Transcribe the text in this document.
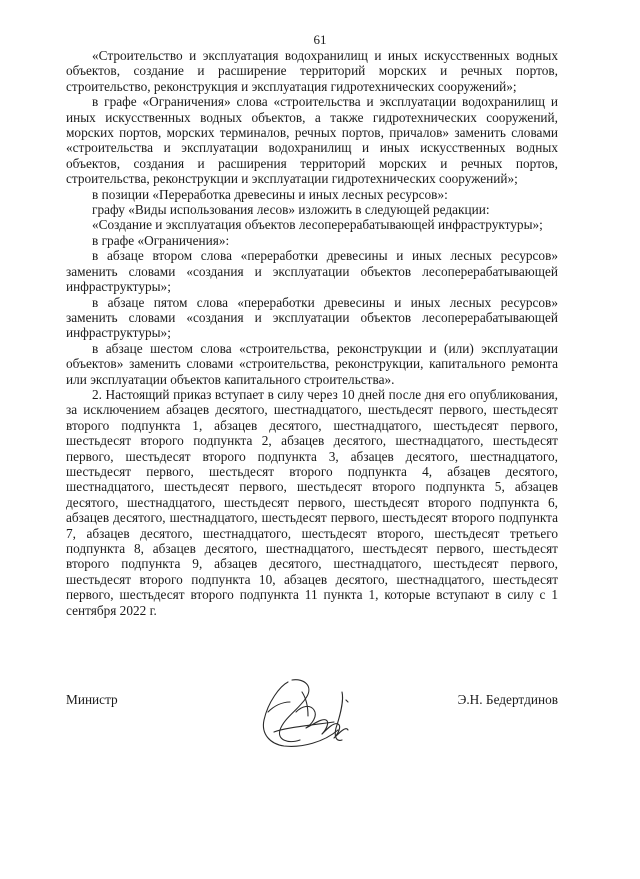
61

«Строительство и эксплуатация водохранилищ и иных искусственных водных объектов, создание и расширение территорий морских и речных портов, строительство, реконструкция и эксплуатация гидротехнических сооружений»;

в графе «Ограничения» слова «строительства и эксплуатации водохранилищ и иных искусственных водных объектов, а также гидротехнических сооружений, морских портов, морских терминалов, речных портов, причалов» заменить словами «строительства и эксплуатации водохранилищ и иных искусственных водных объектов, создания и расширения территорий морских и речных портов, строительства, реконструкции и эксплуатации гидротехнических сооружений»;

в позиции «Переработка древесины и иных лесных ресурсов»:

графу «Виды использования лесов» изложить в следующей редакции:

«Создание и эксплуатация объектов лесоперерабатывающей инфраструктуры»;

в графе «Ограничения»:

в абзаце втором слова «переработки древесины и иных лесных ресурсов» заменить словами «создания и эксплуатации объектов лесоперерабатывающей инфраструктуры»;

в абзаце пятом слова «переработки древесины и иных лесных ресурсов» заменить словами «создания и эксплуатации объектов лесоперерабатывающей инфраструктуры»;

в абзаце шестом слова «строительства, реконструкции и (или) эксплуатации объектов» заменить словами «строительства, реконструкции, капитального ремонта или эксплуатации объектов капитального строительства».

2. Настоящий приказ вступает в силу через 10 дней после дня его опубликования, за исключением абзацев десятого, шестнадцатого, шестьдесят первого, шестьдесят второго подпункта 1, абзацев десятого, шестнадцатого, шестьдесят первого, шестьдесят второго подпункта 2, абзацев десятого, шестнадцатого, шестьдесят первого, шестьдесят второго подпункта 3, абзацев десятого, шестнадцатого, шестьдесят первого, шестьдесят второго подпункта 4, абзацев десятого, шестнадцатого, шестьдесят первого, шестьдесят второго подпункта 5, абзацев десятого, шестнадцатого, шестьдесят первого, шестьдесят второго подпункта 6, абзацев десятого, шестнадцатого, шестьдесят первого, шестьдесят второго подпункта 7, абзацев десятого, шестнадцатого, шестьдесят второго, шестьдесят третьего подпункта 8, абзацев десятого, шестнадцатого, шестьдесят первого, шестьдесят второго подпункта 9, абзацев десятого, шестнадцатого, шестьдесят первого, шестьдесят второго подпункта 10, абзацев десятого, шестнадцатого, шестьдесят первого, шестьдесят второго подпункта 11 пункта 1, которые вступают в силу с 1 сентября 2022 г.

Министр	Э.Н. Бедертдинов
